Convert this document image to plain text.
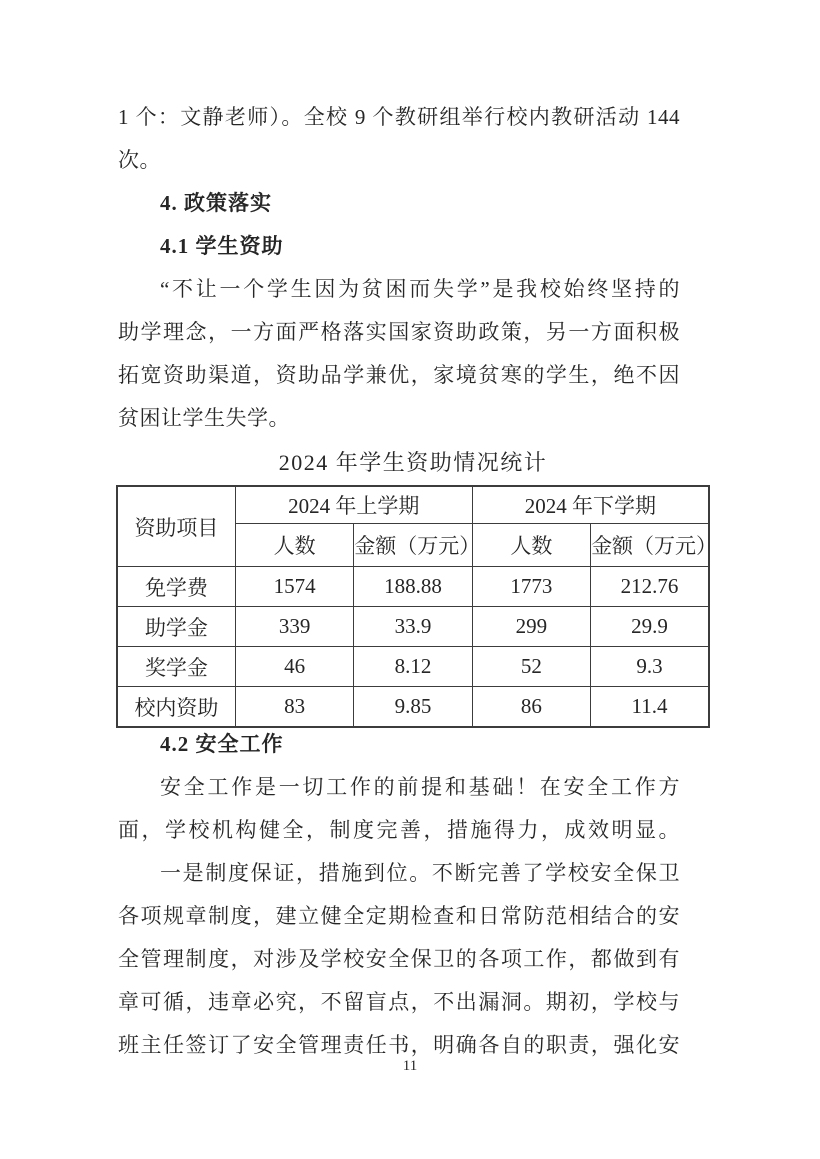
1 个：文静老师）。全校 9 个教研组举行校内教研活动 144
次。
4. 政策落实
4.1 学生资助
“不让一个学生因为贫困而失学”是我校始终坚持的
助学理念，一方面严格落实国家资助政策，另一方面积极
拓宽资助渠道，资助品学兼优，家境贫寒的学生，绝不因
贫困让学生失学。
2024 年学生资助情况统计
资助项目	2024 年上学期		2024 年下学期	
	人数	金额（万元）	人数	金额（万元）
免学费	1574	188.88	1773	212.76
助学金	339	33.9	299	29.9
奖学金	46	8.12	52	9.3
校内资助	83	9.85	86	11.4
4.2 安全工作
安全工作是一切工作的前提和基础！在安全工作方
面，学校机构健全，制度完善，措施得力，成效明显。
一是制度保证，措施到位。不断完善了学校安全保卫
各项规章制度，建立健全定期检查和日常防范相结合的安
全管理制度，对涉及学校安全保卫的各项工作，都做到有
章可循，违章必究，不留盲点，不出漏洞。期初，学校与
班主任签订了安全管理责任书，明确各自的职责，强化安
11
